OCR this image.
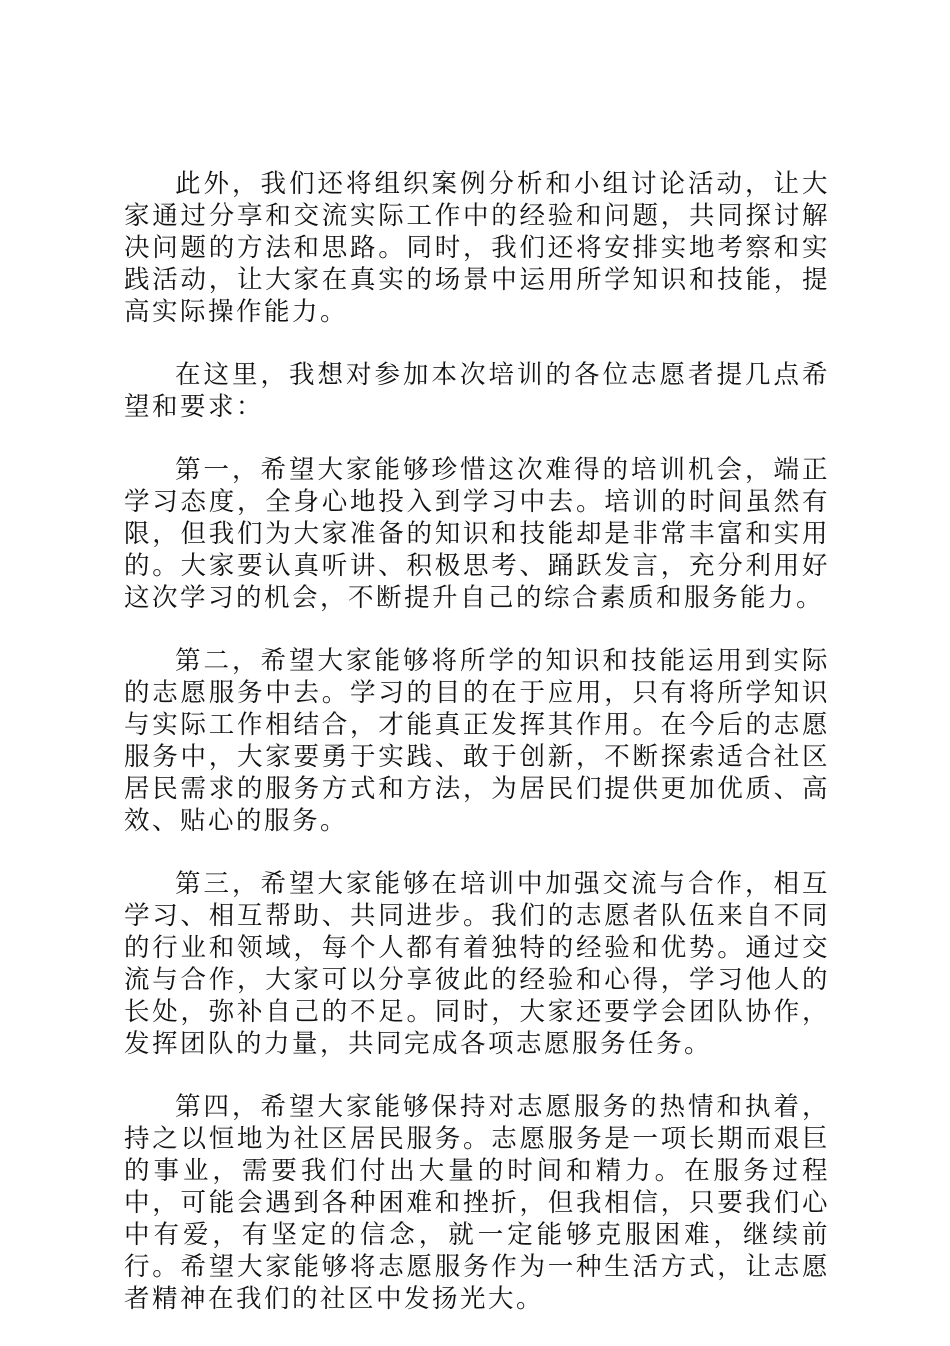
此外，我们还将组织案例分析和小组讨论活动，让大家通过分享和交流实际工作中的经验和问题，共同探讨解决问题的方法和思路。同时，我们还将安排实地考察和实践活动，让大家在真实的场景中运用所学知识和技能，提高实际操作能力。

在这里，我想对参加本次培训的各位志愿者提几点希望和要求：

第一，希望大家能够珍惜这次难得的培训机会，端正学习态度，全身心地投入到学习中去。培训的时间虽然有限，但我们为大家准备的知识和技能却是非常丰富和实用的。大家要认真听讲、积极思考、踊跃发言，充分利用好这次学习的机会，不断提升自己的综合素质和服务能力。

第二，希望大家能够将所学的知识和技能运用到实际的志愿服务中去。学习的目的在于应用，只有将所学知识与实际工作相结合，才能真正发挥其作用。在今后的志愿服务中，大家要勇于实践、敢于创新，不断探索适合社区居民需求的服务方式和方法，为居民们提供更加优质、高效、贴心的服务。

第三，希望大家能够在培训中加强交流与合作，相互学习、相互帮助、共同进步。我们的志愿者队伍来自不同的行业和领域，每个人都有着独特的经验和优势。通过交流与合作，大家可以分享彼此的经验和心得，学习他人的长处，弥补自己的不足。同时，大家还要学会团队协作，发挥团队的力量，共同完成各项志愿服务任务。

第四，希望大家能够保持对志愿服务的热情和执着，持之以恒地为社区居民服务。志愿服务是一项长期而艰巨的事业，需要我们付出大量的时间和精力。在服务过程中，可能会遇到各种困难和挫折，但我相信，只要我们心中有爱，有坚定的信念，就一定能够克服困难，继续前行。希望大家能够将志愿服务作为一种生活方式，让志愿者精神在我们的社区中发扬光大。
